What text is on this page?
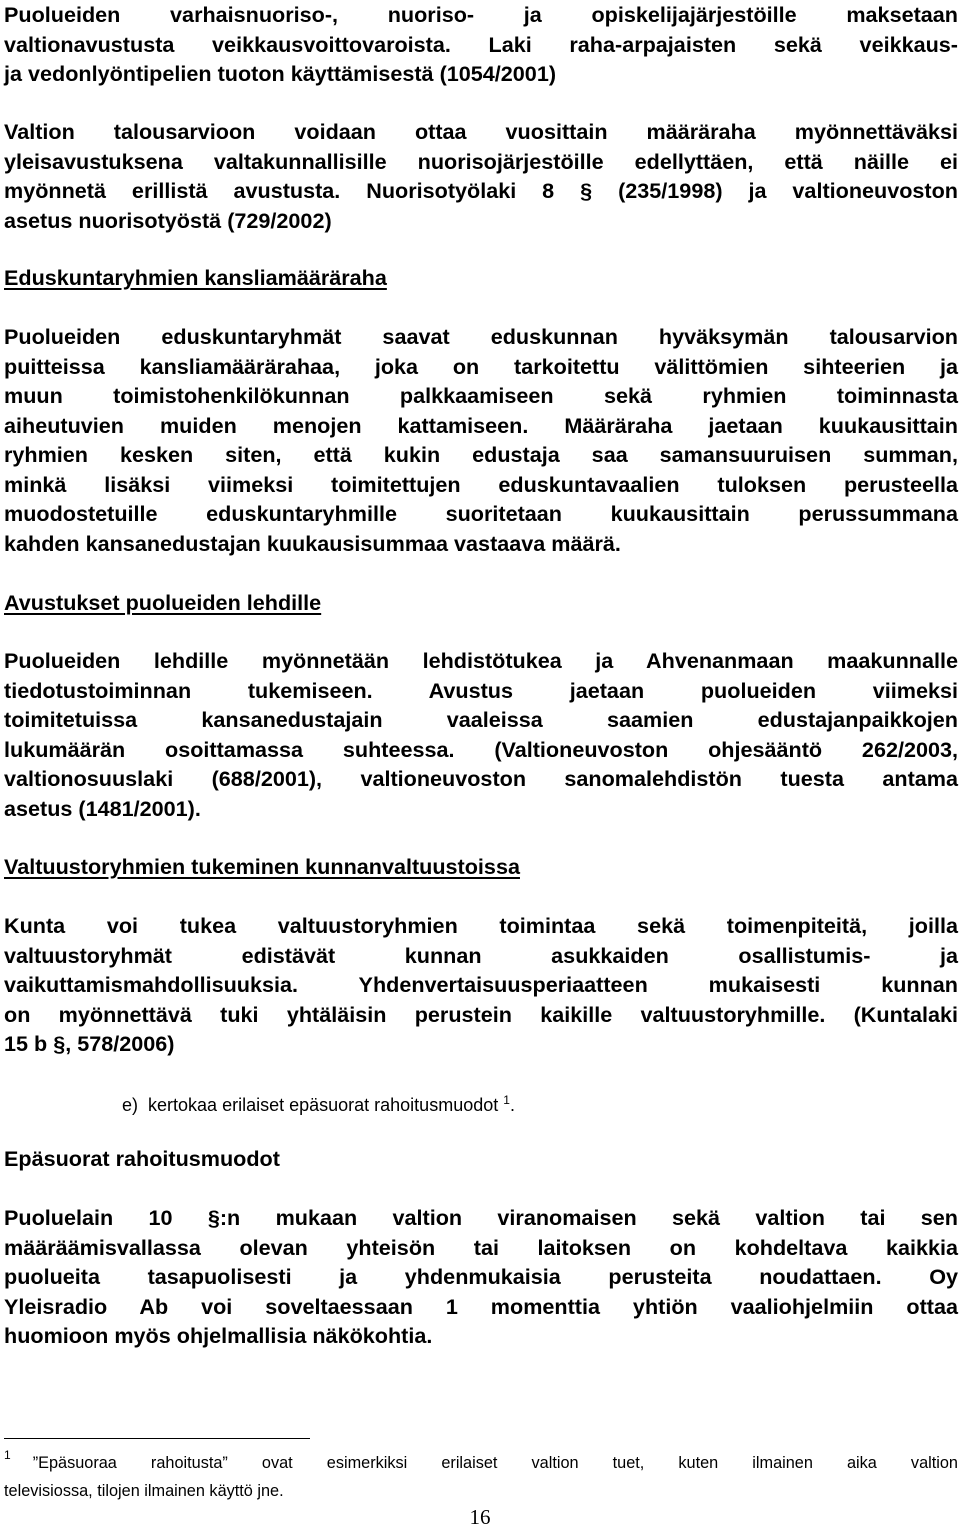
Puolueiden varhaisnuoriso-, nuoriso- ja opiskelijajärjestöille maksetaan
valtionavustusta veikkausvoittovaroista. Laki raha-arpajaisten sekä veikkaus-
ja vedonlyöntipelien tuoton käyttämisestä (1054/2001)
Valtion talousarvioon voidaan ottaa vuosittain määräraha myönnettäväksi
yleisavustuksena valtakunnallisille nuorisojärjestöille edellyttäen, että näille ei
myönnetä erillistä avustusta. Nuorisotyölaki 8 § (235/1998) ja valtioneuvoston
asetus nuorisotyöstä (729/2002)
Eduskuntaryhmien kansliamääräraha
Puolueiden eduskuntaryhmät saavat eduskunnan hyväksymän talousarvion
puitteissa kansliamäärärahaa, joka on tarkoitettu välittömien sihteerien ja
muun toimistohenkilökunnan palkkaamiseen sekä ryhmien toiminnasta
aiheutuvien muiden menojen kattamiseen. Määräraha jaetaan kuukausittain
ryhmien kesken siten, että kukin edustaja saa samansuuruisen summan,
minkä lisäksi viimeksi toimitettujen eduskuntavaalien tuloksen perusteella
muodostetuille eduskuntaryhmille suoritetaan kuukausittain perussummana
kahden kansanedustajan kuukausisummaa vastaava määrä.
Avustukset puolueiden lehdille
Puolueiden lehdille myönnetään lehdistötukea ja Ahvenanmaan maakunnalle
tiedotustoiminnan tukemiseen. Avustus jaetaan puolueiden viimeksi
toimitetuissa kansanedustajain vaaleissa saamien edustajanpaikkojen
lukumäärän osoittamassa suhteessa. (Valtioneuvoston ohjesääntö 262/2003,
valtionosuuslaki (688/2001), valtioneuvoston sanomalehdistön tuesta antama
asetus (1481/2001).
Valtuustoryhmien tukeminen kunnanvaltuustoissa
Kunta voi tukea valtuustoryhmien toimintaa sekä toimenpiteitä, joilla
valtuustoryhmät edistävät kunnan asukkaiden osallistumis- ja
vaikuttamismahdollisuuksia. Yhdenvertaisuusperiaatteen mukaisesti kunnan
on myönnettävä tuki yhtäläisin perustein kaikille valtuustoryhmille. (Kuntalaki
15 b §, 578/2006)
e) kertokaa erilaiset epäsuorat rahoitusmuodot $^1$.
Epäsuorat rahoitusmuodot
Puoluelain 10 §:n mukaan valtion viranomaisen sekä valtion tai sen
määräämisvallassa olevan yhteisön tai laitoksen on kohdeltava kaikkia
puolueita tasapuolisesti ja yhdenmukaisia perusteita noudattaen. Oy
Yleisradio Ab voi soveltaessaan 1 momenttia yhtiön vaaliohjelmiin ottaa
huomioon myös ohjelmallisia näkökohtia.
1 ”Epäsuoraa rahoitusta” ovat esimerkiksi erilaiset valtion tuet, kuten ilmainen aika valtion
televisiossa, tilojen ilmainen käyttö jne.
16
